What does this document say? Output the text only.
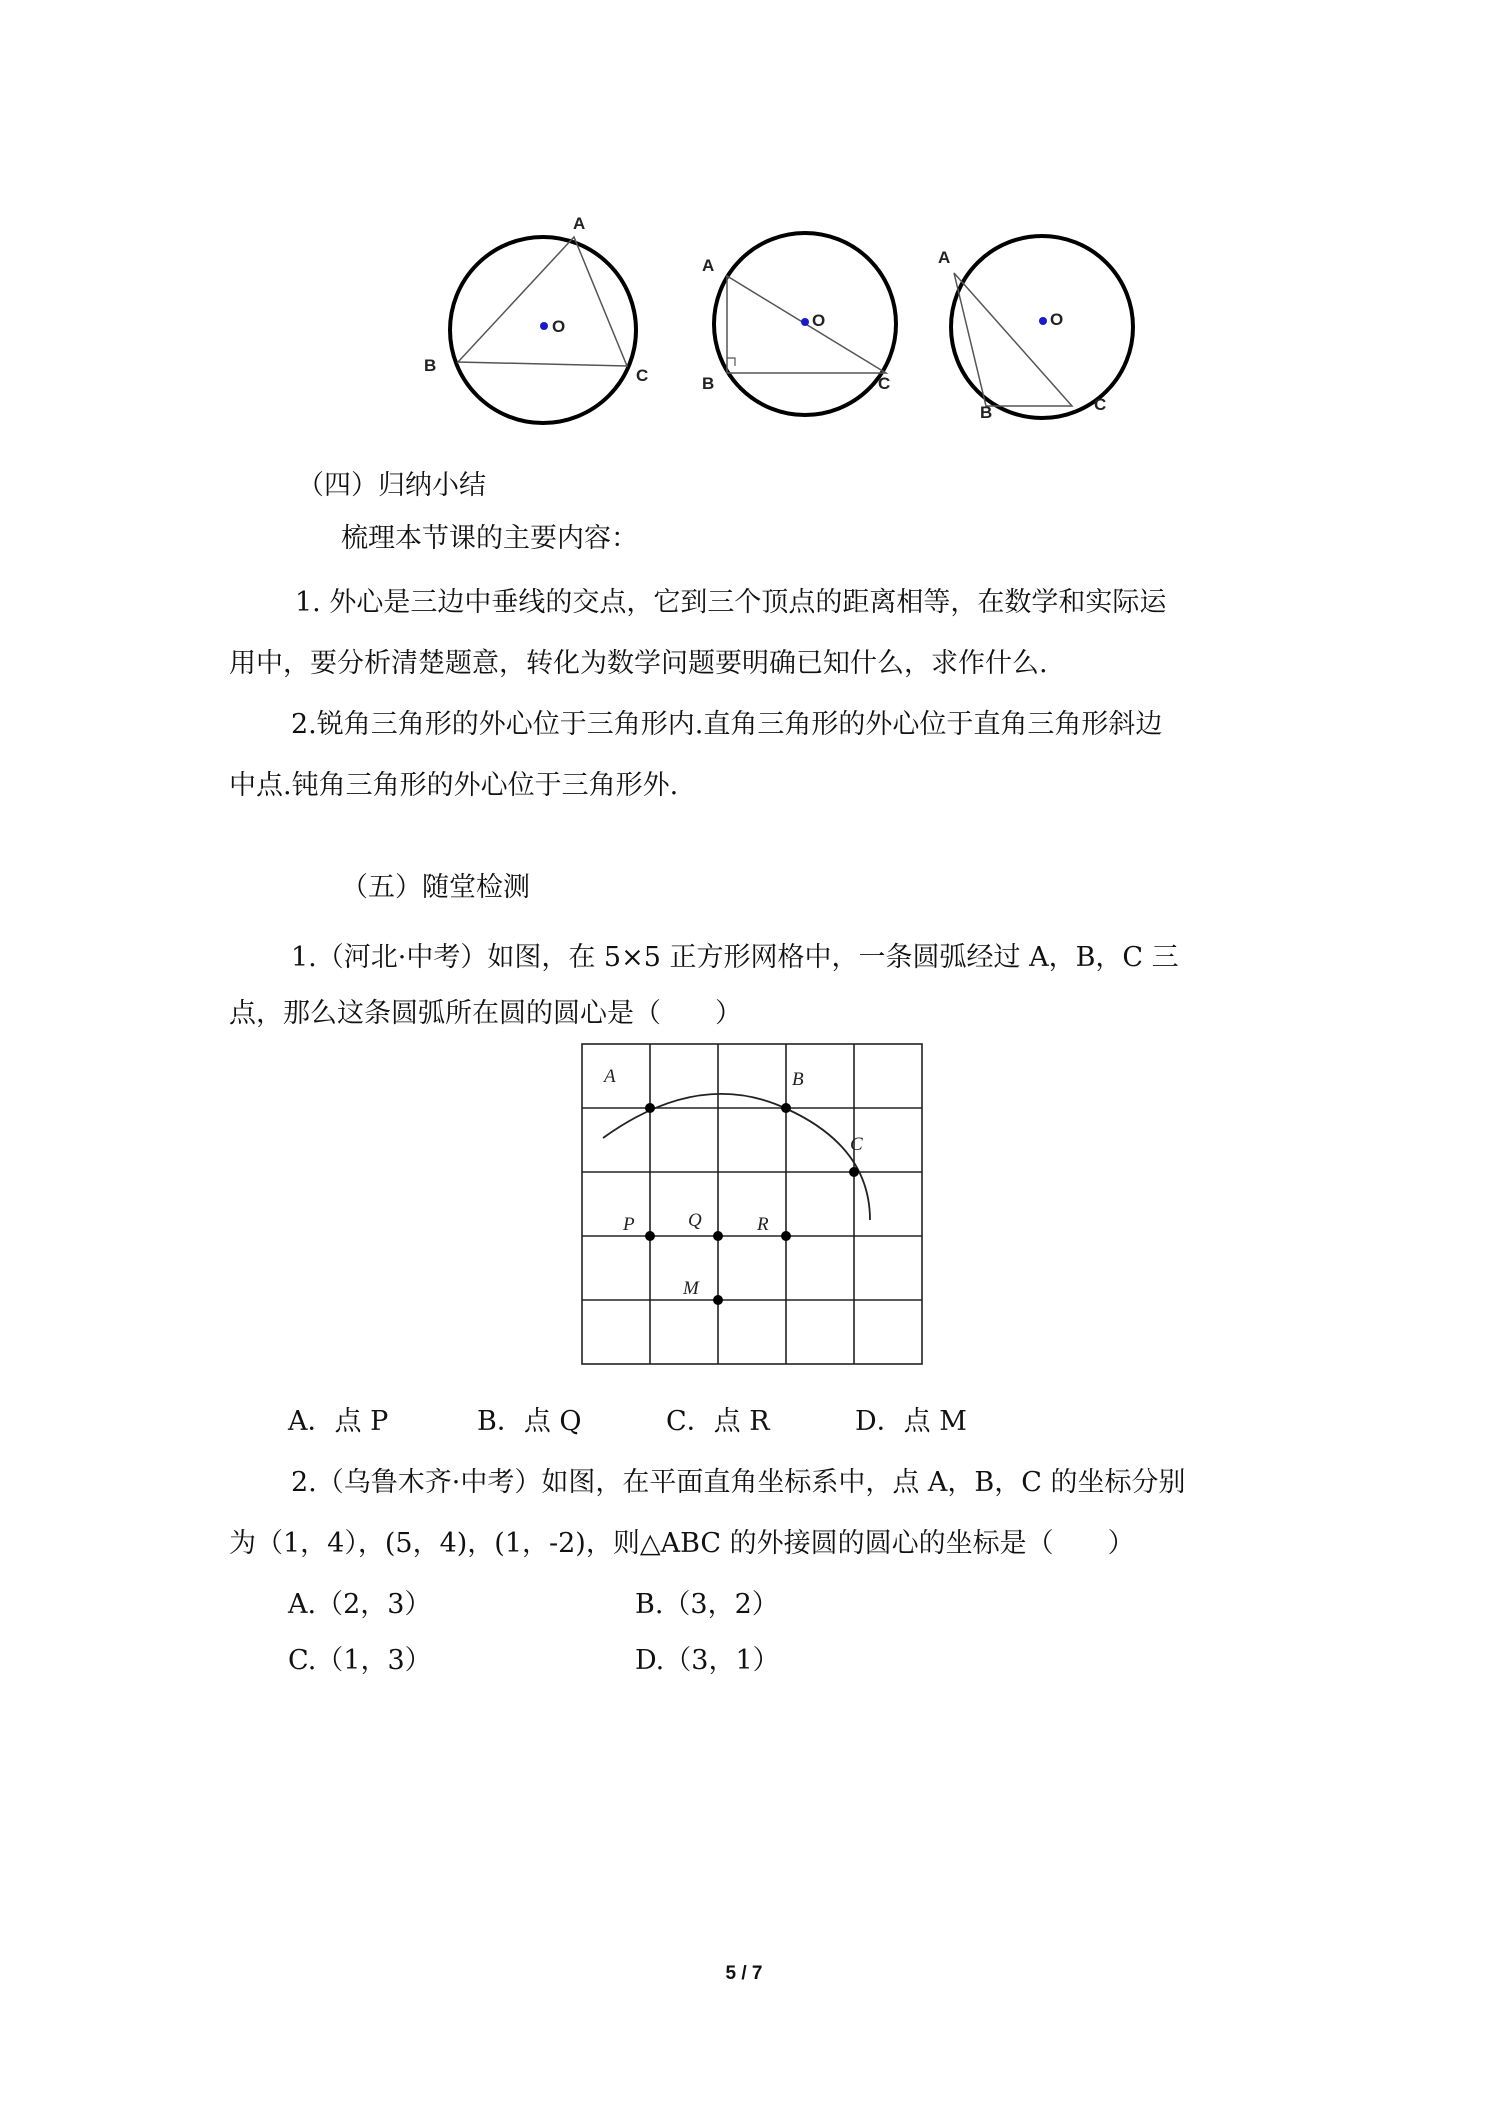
A
B
C
O
A
B	C
O
A
B	C
O
（四）归纳小结
梳理本节课的主要内容：
1. 外心是三边中垂线的交点，它到三个顶点的距离相等，在数学和实际运
用中，要分析清楚题意，转化为数学问题要明确已知什么，求作什么.
2.锐角三角形的外心位于三角形内.直角三角形的外心位于直角三角形斜边
中点.钝角三角形的外心位于三角形外.
（五）随堂检测
1.（河北·中考）如图，在 5×5 正方形网格中，一条圆弧经过 A，B，C 三
点，那么这条圆弧所在圆的圆心是（　　）
A	B
C
P	Q	R
M
A．点 P	B．点 Q	C．点 R	D．点 M
2.（乌鲁木齐·中考）如图，在平面直角坐标系中，点 A，B，C 的坐标分别
为（1，4），(5，4)，(1，-2)，则△ABC 的外接圆的圆心的坐标是（　　）
A.（2，3）	B.（3，2）
C.（1，3）	D.（3，1）
5 / 7
